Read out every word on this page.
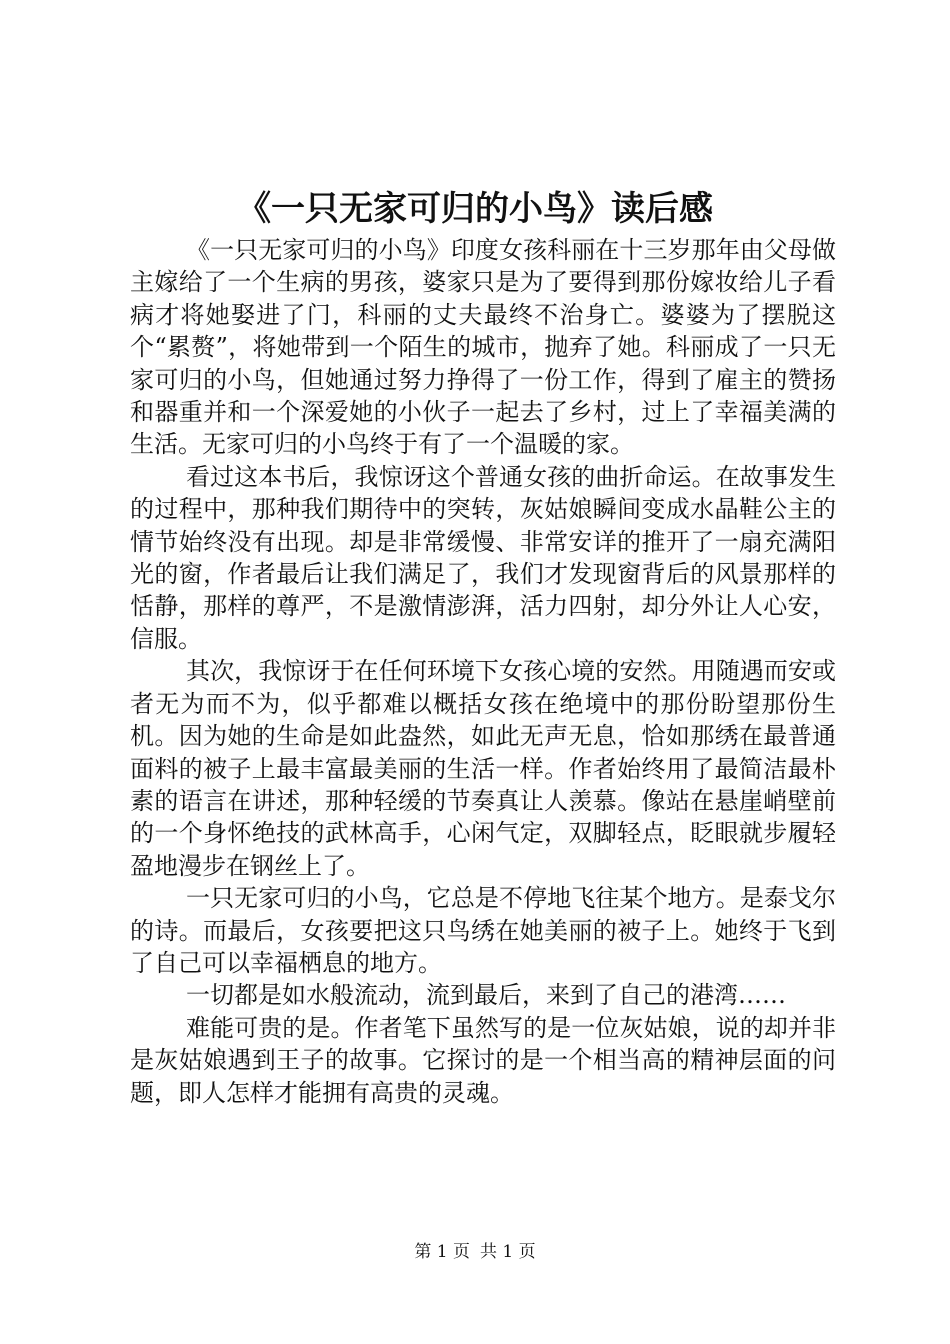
《一只无家可归的小鸟》读后感

《一只无家可归的小鸟》印度女孩科丽在十三岁那年由父母做主嫁给了一个生病的男孩，婆家只是为了要得到那份嫁妆给儿子看病才将她娶进了门，科丽的丈夫最终不治身亡。婆婆为了摆脱这个“累赘”，将她带到一个陌生的城市，抛弃了她。科丽成了一只无家可归的小鸟，但她通过努力挣得了一份工作，得到了雇主的赞扬和器重并和一个深爱她的小伙子一起去了乡村，过上了幸福美满的生活。无家可归的小鸟终于有了一个温暖的家。

看过这本书后，我惊讶这个普通女孩的曲折命运。在故事发生的过程中，那种我们期待中的突转，灰姑娘瞬间变成水晶鞋公主的情节始终没有出现。却是非常缓慢、非常安详的推开了一扇充满阳光的窗，作者最后让我们满足了，我们才发现窗背后的风景那样的恬静，那样的尊严，不是激情澎湃，活力四射，却分外让人心安，信服。

其次，我惊讶于在任何环境下女孩心境的安然。用随遇而安或者无为而不为，似乎都难以概括女孩在绝境中的那份盼望那份生机。因为她的生命是如此盎然，如此无声无息，恰如那绣在最普通面料的被子上最丰富最美丽的生活一样。作者始终用了最简洁最朴素的语言在讲述，那种轻缓的节奏真让人羡慕。像站在悬崖峭壁前的一个身怀绝技的武林高手，心闲气定，双脚轻点，眨眼就步履轻盈地漫步在钢丝上了。

一只无家可归的小鸟，它总是不停地飞往某个地方。是泰戈尔的诗。而最后，女孩要把这只鸟绣在她美丽的被子上。她终于飞到了自己可以幸福栖息的地方。

一切都是如水般流动，流到最后，来到了自己的港湾……

难能可贵的是。作者笔下虽然写的是一位灰姑娘，说的却并非是灰姑娘遇到王子的故事。它探讨的是一个相当高的精神层面的问题，即人怎样才能拥有高贵的灵魂。

第 1 页 共 1 页
